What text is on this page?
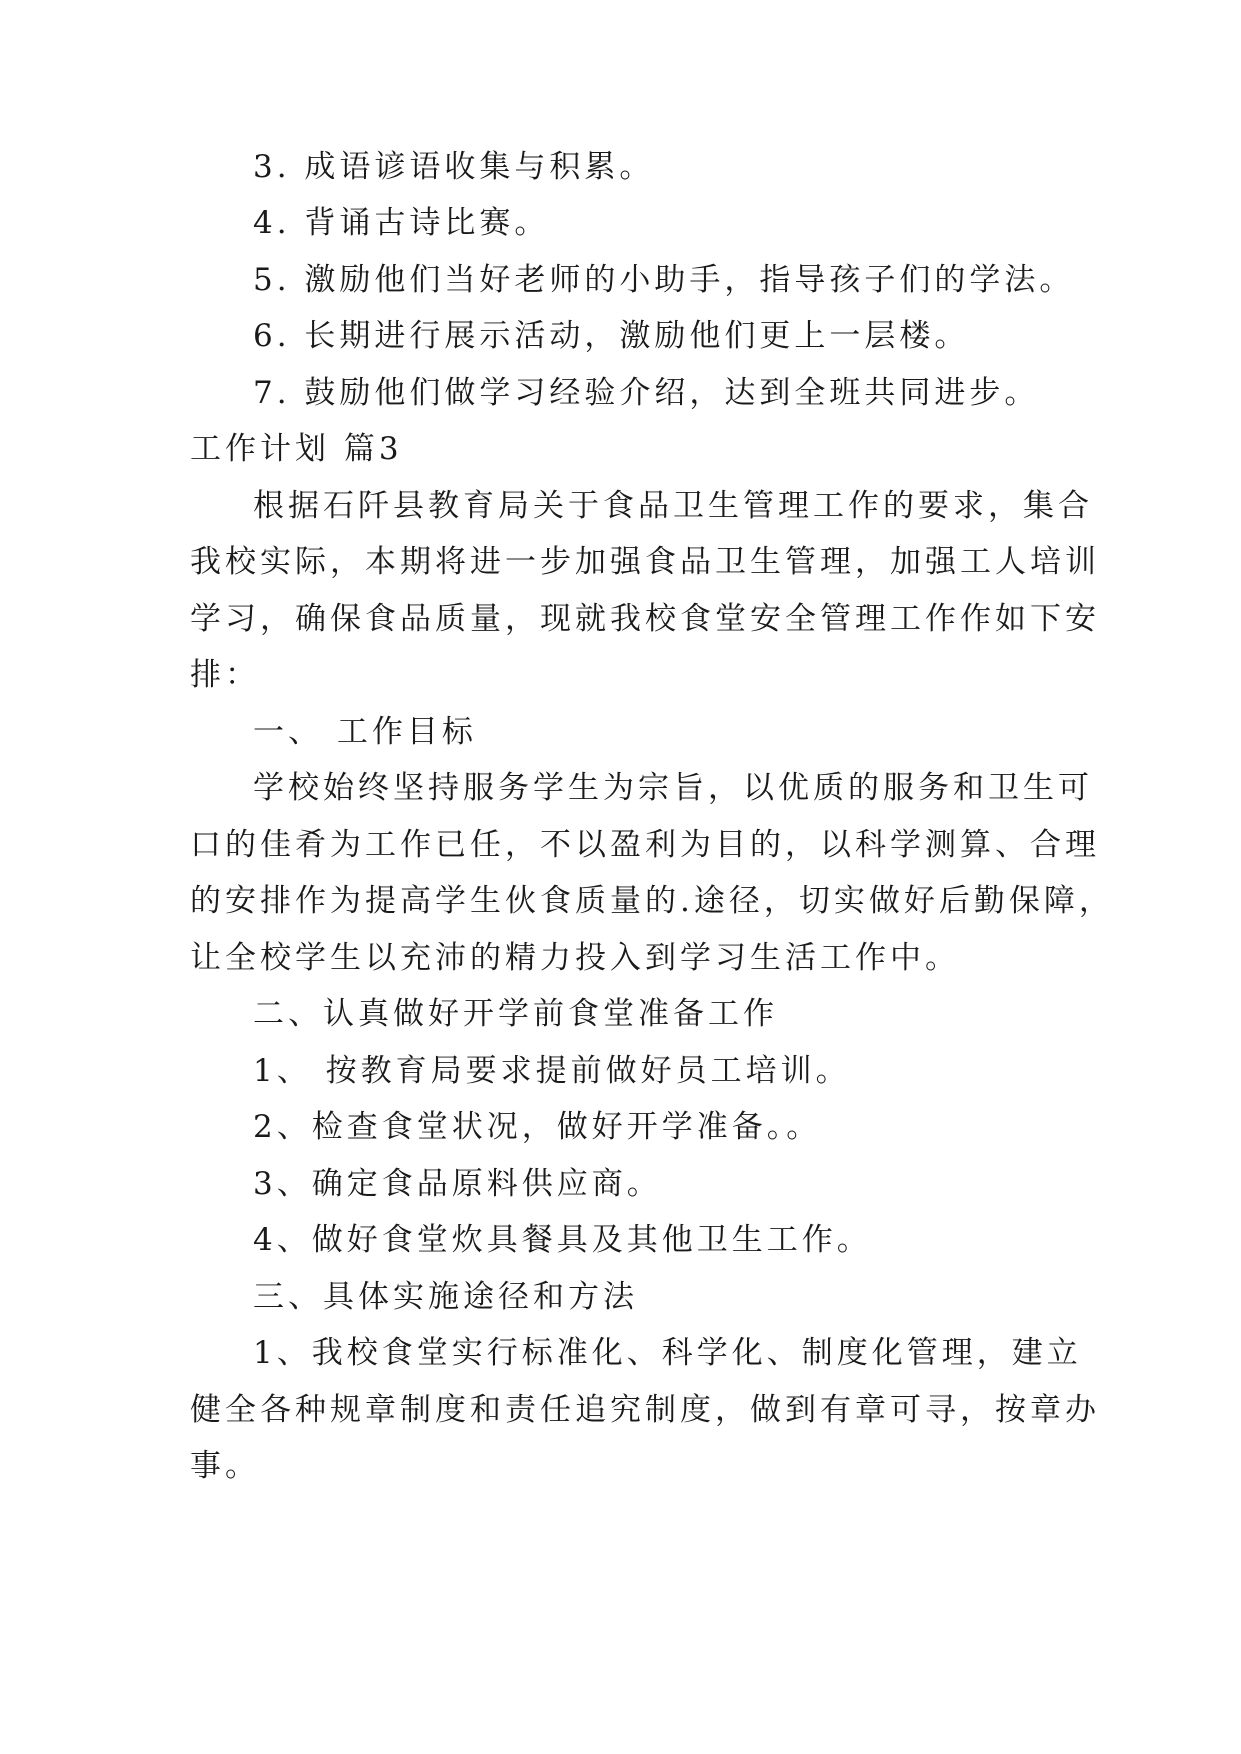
3. 成语谚语收集与积累。
4. 背诵古诗比赛。
5. 激励他们当好老师的小助手，指导孩子们的学法。
6. 长期进行展示活动，激励他们更上一层楼。
7. 鼓励他们做学习经验介绍，达到全班共同进步。
工作计划 篇3
根据石阡县教育局关于食品卫生管理工作的要求，集合
我校实际，本期将进一步加强食品卫生管理，加强工人培训
学习，确保食品质量，现就我校食堂安全管理工作作如下安
排：
一、 工作目标
学校始终坚持服务学生为宗旨，以优质的服务和卫生可
口的佳肴为工作已任，不以盈利为目的，以科学测算、合理
的安排作为提高学生伙食质量的.途径，切实做好后勤保障，
让全校学生以充沛的精力投入到学习生活工作中。
二、认真做好开学前食堂准备工作
1、 按教育局要求提前做好员工培训。
2、检查食堂状况，做好开学准备。。
3、确定食品原料供应商。
4、做好食堂炊具餐具及其他卫生工作。
三、具体实施途径和方法
1、我校食堂实行标准化、科学化、制度化管理，建立
健全各种规章制度和责任追究制度，做到有章可寻，按章办
事。
